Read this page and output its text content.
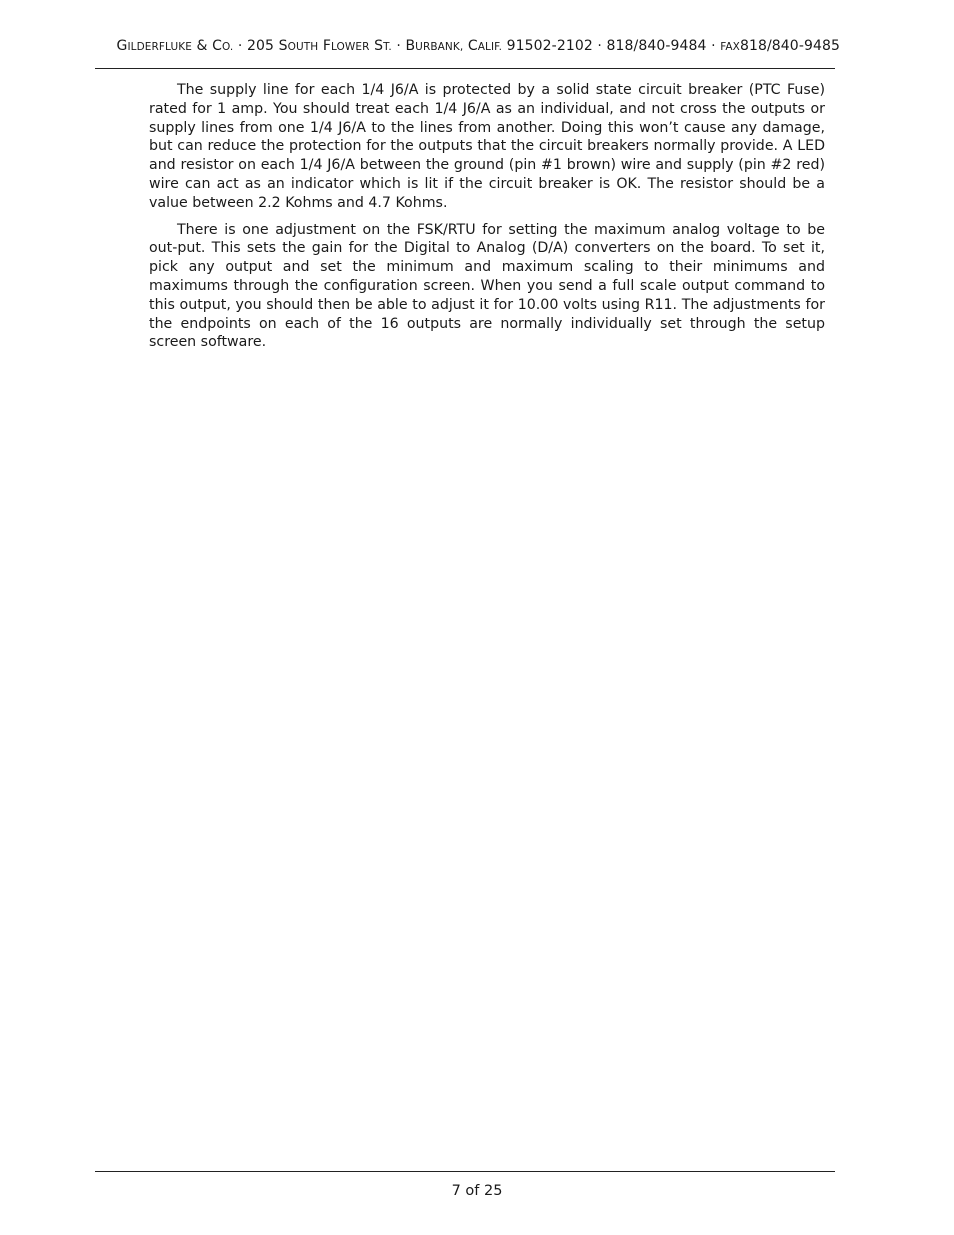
GILDERFLUKE & CO. · 205 SOUTH FLOWER ST. · BURBANK, CALIF. 91502-2102 · 818/840-9484 · FAX818/840-9485

The supply line for each 1/4 J6/A is protected by a solid state circuit breaker (PTC Fuse) rated for 1 amp. You should treat each 1/4 J6/A as an individual, and not cross the outputs or supply lines from one 1/4 J6/A to the lines from another. Doing this won’t cause any damage, but can reduce the protection for the outputs that the circuit breakers normally provide. A LED and resistor on each 1/4 J6/A between the ground (pin #1 brown) wire and supply (pin #2 red) wire can act as an indicator which is lit if the circuit breaker is OK. The resistor should be a value between 2.2 Kohms and 4.7 Kohms.

There is one adjustment on the FSK/RTU for setting the maximum analog voltage to be out-put. This sets the gain for the Digital to Analog (D/A) converters on the board. To set it, pick any output and set the minimum and maximum scaling to their minimums and maximums through the configuration screen. When you send a full scale output command to this output, you should then be able to adjust it for 10.00 volts using R11. The adjustments for the endpoints on each of the 16 outputs are normally individually set through the setup screen software.

7 of 25
